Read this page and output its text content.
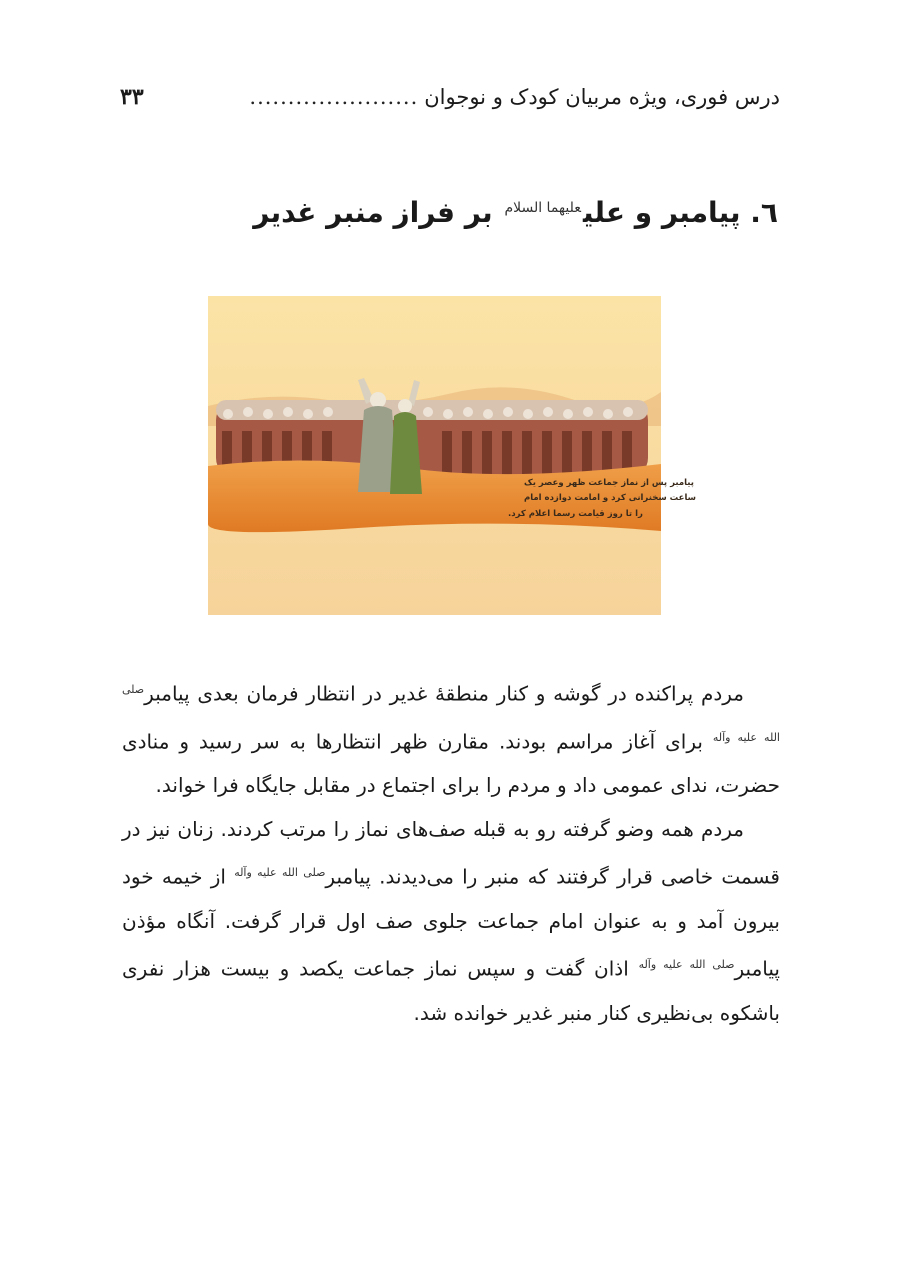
درس فوری، ویژه مربیان کودک و نوجوان
......................
۳۳
٦. پیامبر و علی$^{علیهما السلام}$ بر فراز منبر غدیر
پیامبر پس از نماز جماعت ظهر وعصر یک
ساعت سخنرانی کرد و امامت دوازده امام
را تا روز قیامت رسما اعلام کرد.

مردم پراکنده در گوشه و کنار منطقهٔ غدیر در انتظار فرمان بعدی پیامبر$^{صلی الله علیه وآله}$ برای آغاز مراسم بودند. مقارن ظهر انتظارها به سر رسید و منادی حضرت، ندای عمومی داد و مردم را برای اجتماع در مقابل جایگاه فرا خواند.

مردم همه وضو گرفته رو به قبله صف‌های نماز را مرتب کردند. زنان نیز در قسمت خاصی قرار گرفتند که منبر را می‌دیدند. پیامبر$^{صلی الله علیه وآله}$ از خیمه خود بیرون آمد و به عنوان امام جماعت جلوی صف اول قرار گرفت. آنگاه مؤذن پیامبر$^{صلی الله علیه وآله}$ اذان گفت و سپس نماز جماعت یکصد و بیست هزار نفری باشکوه بی‌نظیری کنار منبر غدیر خوانده شد.
